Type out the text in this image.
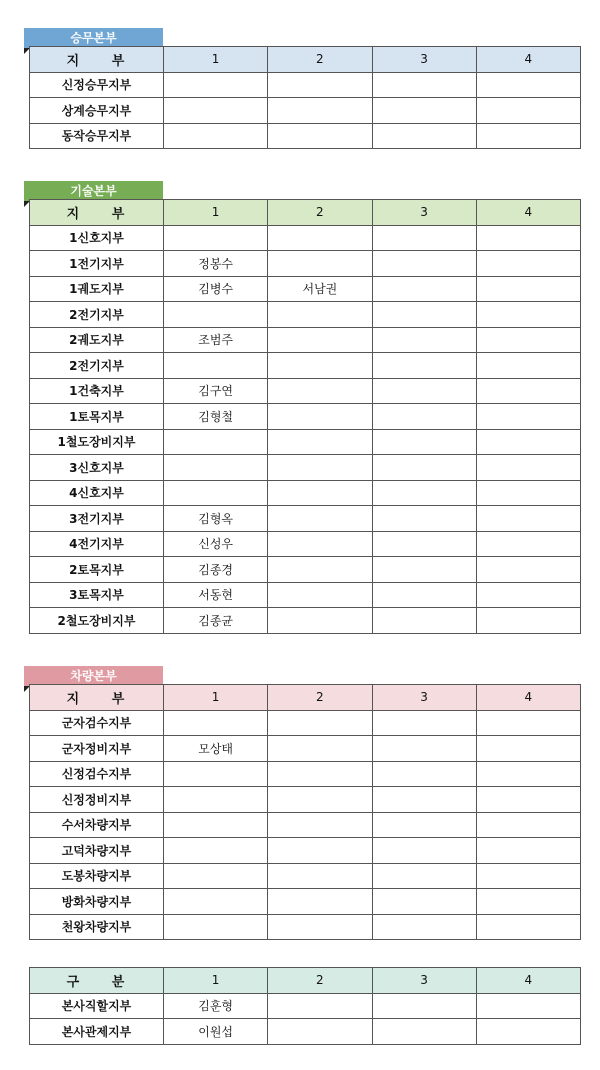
승무본부
지 부	1	2	3	4
신정승무지부				
상계승무지부				
동작승무지부				
기술본부
지 부	1	2	3	4
1신호지부				
1전기지부	정봉수			
1궤도지부	김병수	서남권		
2전기지부				
2궤도지부	조범주			
2전기지부				
1건축지부	김구연			
1토목지부	김형철			
1철도장비지부				
3신호지부				
4신호지부				
3전기지부	김형옥			
4전기지부	신성우			
2토목지부	김종경			
3토목지부	서동현			
2철도장비지부	김종균			
차량본부
지 부	1	2	3	4
군자검수지부				
군자정비지부	모상태			
신정검수지부				
신정정비지부				
수서차량지부				
고덕차량지부				
도봉차량지부				
방화차량지부				
천왕차량지부				
구 분	1	2	3	4
본사직할지부	김훈형			
본사관제지부	이원섭			
